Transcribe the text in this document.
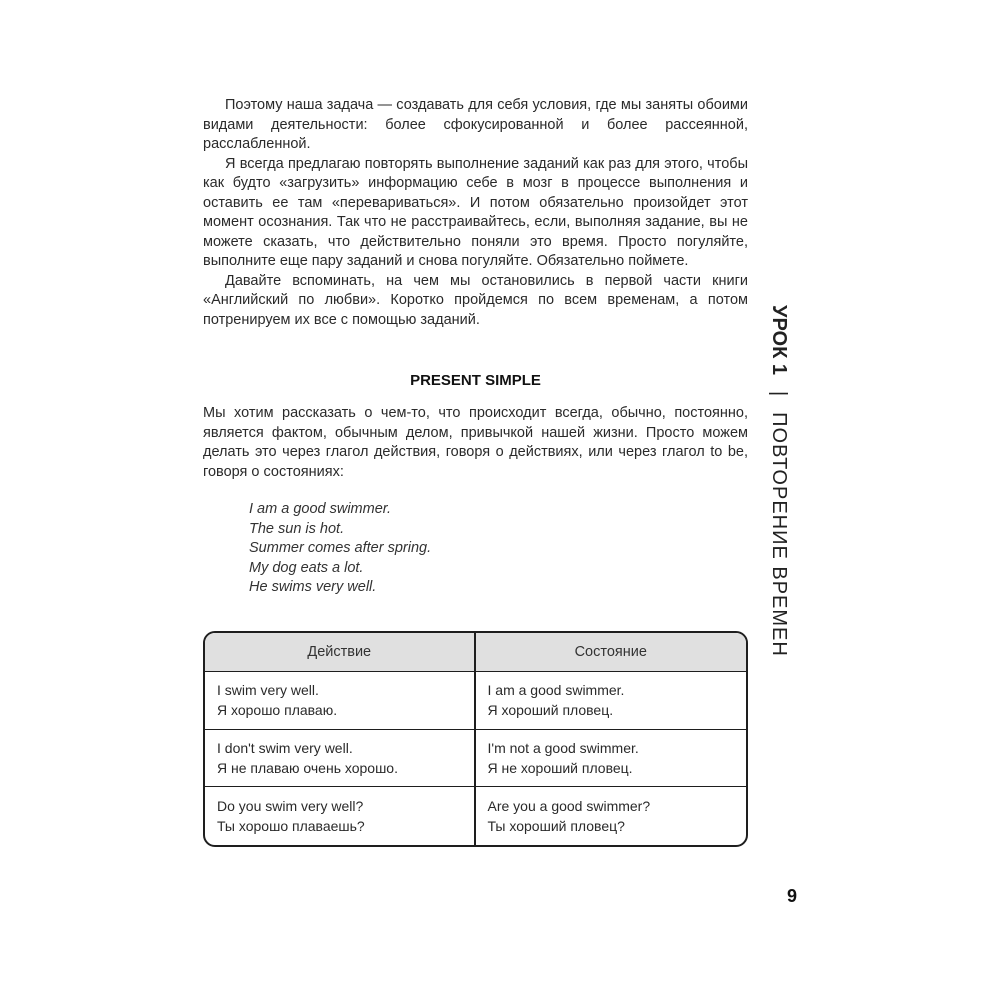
Поэтому наша задача — создавать для себя условия, где мы заняты обоими видами деятельности: более сфокусированной и более рассеянной, расслабленной.

Я всегда предлагаю повторять выполнение заданий как раз для этого, чтобы как будто «загрузить» информацию себе в мозг в процессе выполнения и оставить ее там «перевариваться». И потом обязательно произойдет этот момент осознания. Так что не расстраивайтесь, если, выполняя задание, вы не можете сказать, что действительно поняли это время. Просто погуляйте, выполните еще пару заданий и снова погуляйте. Обязательно поймете.

Давайте вспоминать, на чем мы остановились в первой части книги «Английский по любви». Коротко пройдемся по всем временам, а потом потренируем их все с помощью заданий.

PRESENT SIMPLE

Мы хотим рассказать о чем-то, что происходит всегда, обычно, постоянно, является фактом, обычным делом, привычкой нашей жизни. Просто можем делать это через глагол действия, говоря о действиях, или через глагол to be, говоря о состояниях:

I am a good swimmer.
The sun is hot.
Summer comes after spring.
My dog eats a lot.
He swims very well.
Действие	Состояние
I swim very well.
Я хорошо плаваю.
I am a good swimmer.
Я хороший пловец.
I don't swim very well.
Я не плаваю очень хорошо.
I'm not a good swimmer.
Я не хороший пловец.
Do you swim very well?
Ты хорошо плаваешь?
Are you a good swimmer?
Ты хороший пловец?
УРОК 1|ПОВТОРЕНИЕ ВРЕМЕН
9
